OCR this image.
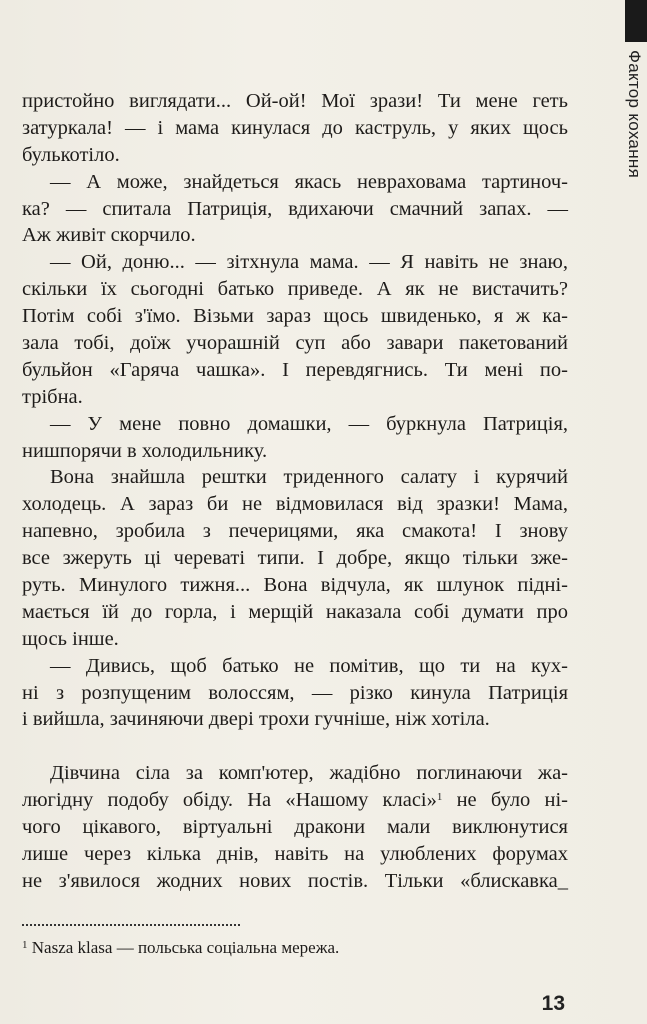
Фактор кохання
пристойно виглядати... Ой-ой! Мої зрази! Ти мене геть
затуркала! — і мама кинулася до каструль, у яких щось
булькотіло.
— А може, знайдеться якась невраховама тартиноч-
ка? — спитала Патриція, вдихаючи смачний запах. —
Аж живіт скорчило.
— Ой, доню... — зітхнула мама. — Я навіть не знаю,
скільки їх сьогодні батько приведе. А як не вистачить?
Потім собі з'їмо. Візьми зараз щось швиденько, я ж ка-
зала тобі, доїж учорашній суп або завари пакетований
бульйон «Гаряча чашка». І перевдягнись. Ти мені по-
трібна.
— У мене повно домашки, — буркнула Патриція,
нишпорячи в холодильнику.
Вона знайшла рештки триденного салату і курячий
холодець. А зараз би не відмовилася від зразки! Мама,
напевно, зробила з печерицями, яка смакота! І знову
все зжеруть ці череваті типи. І добре, якщо тільки зже-
руть. Минулого тижня... Вона відчула, як шлунок підні-
мається їй до горла, і мерщій наказала собі думати про
щось інше.
— Дивись, щоб батько не помітив, що ти на кух-
ні з розпущеним волоссям, — різко кинула Патриція
і вийшла, зачиняючи двері трохи гучніше, ніж хотіла.
Дівчина сіла за комп'ютер, жадібно поглинаючи жа-
люгідну подобу обіду. На «Нашому класі»$^1$ не було ні-
чого цікавого, віртуальні дракони мали виклюнутися
лише через кілька днів, навіть на улюблених форумах
не з'явилося жодних нових постів. Тільки «блискавка_
$^1$ Nasza klasa — польська соціальна мережа.
13
